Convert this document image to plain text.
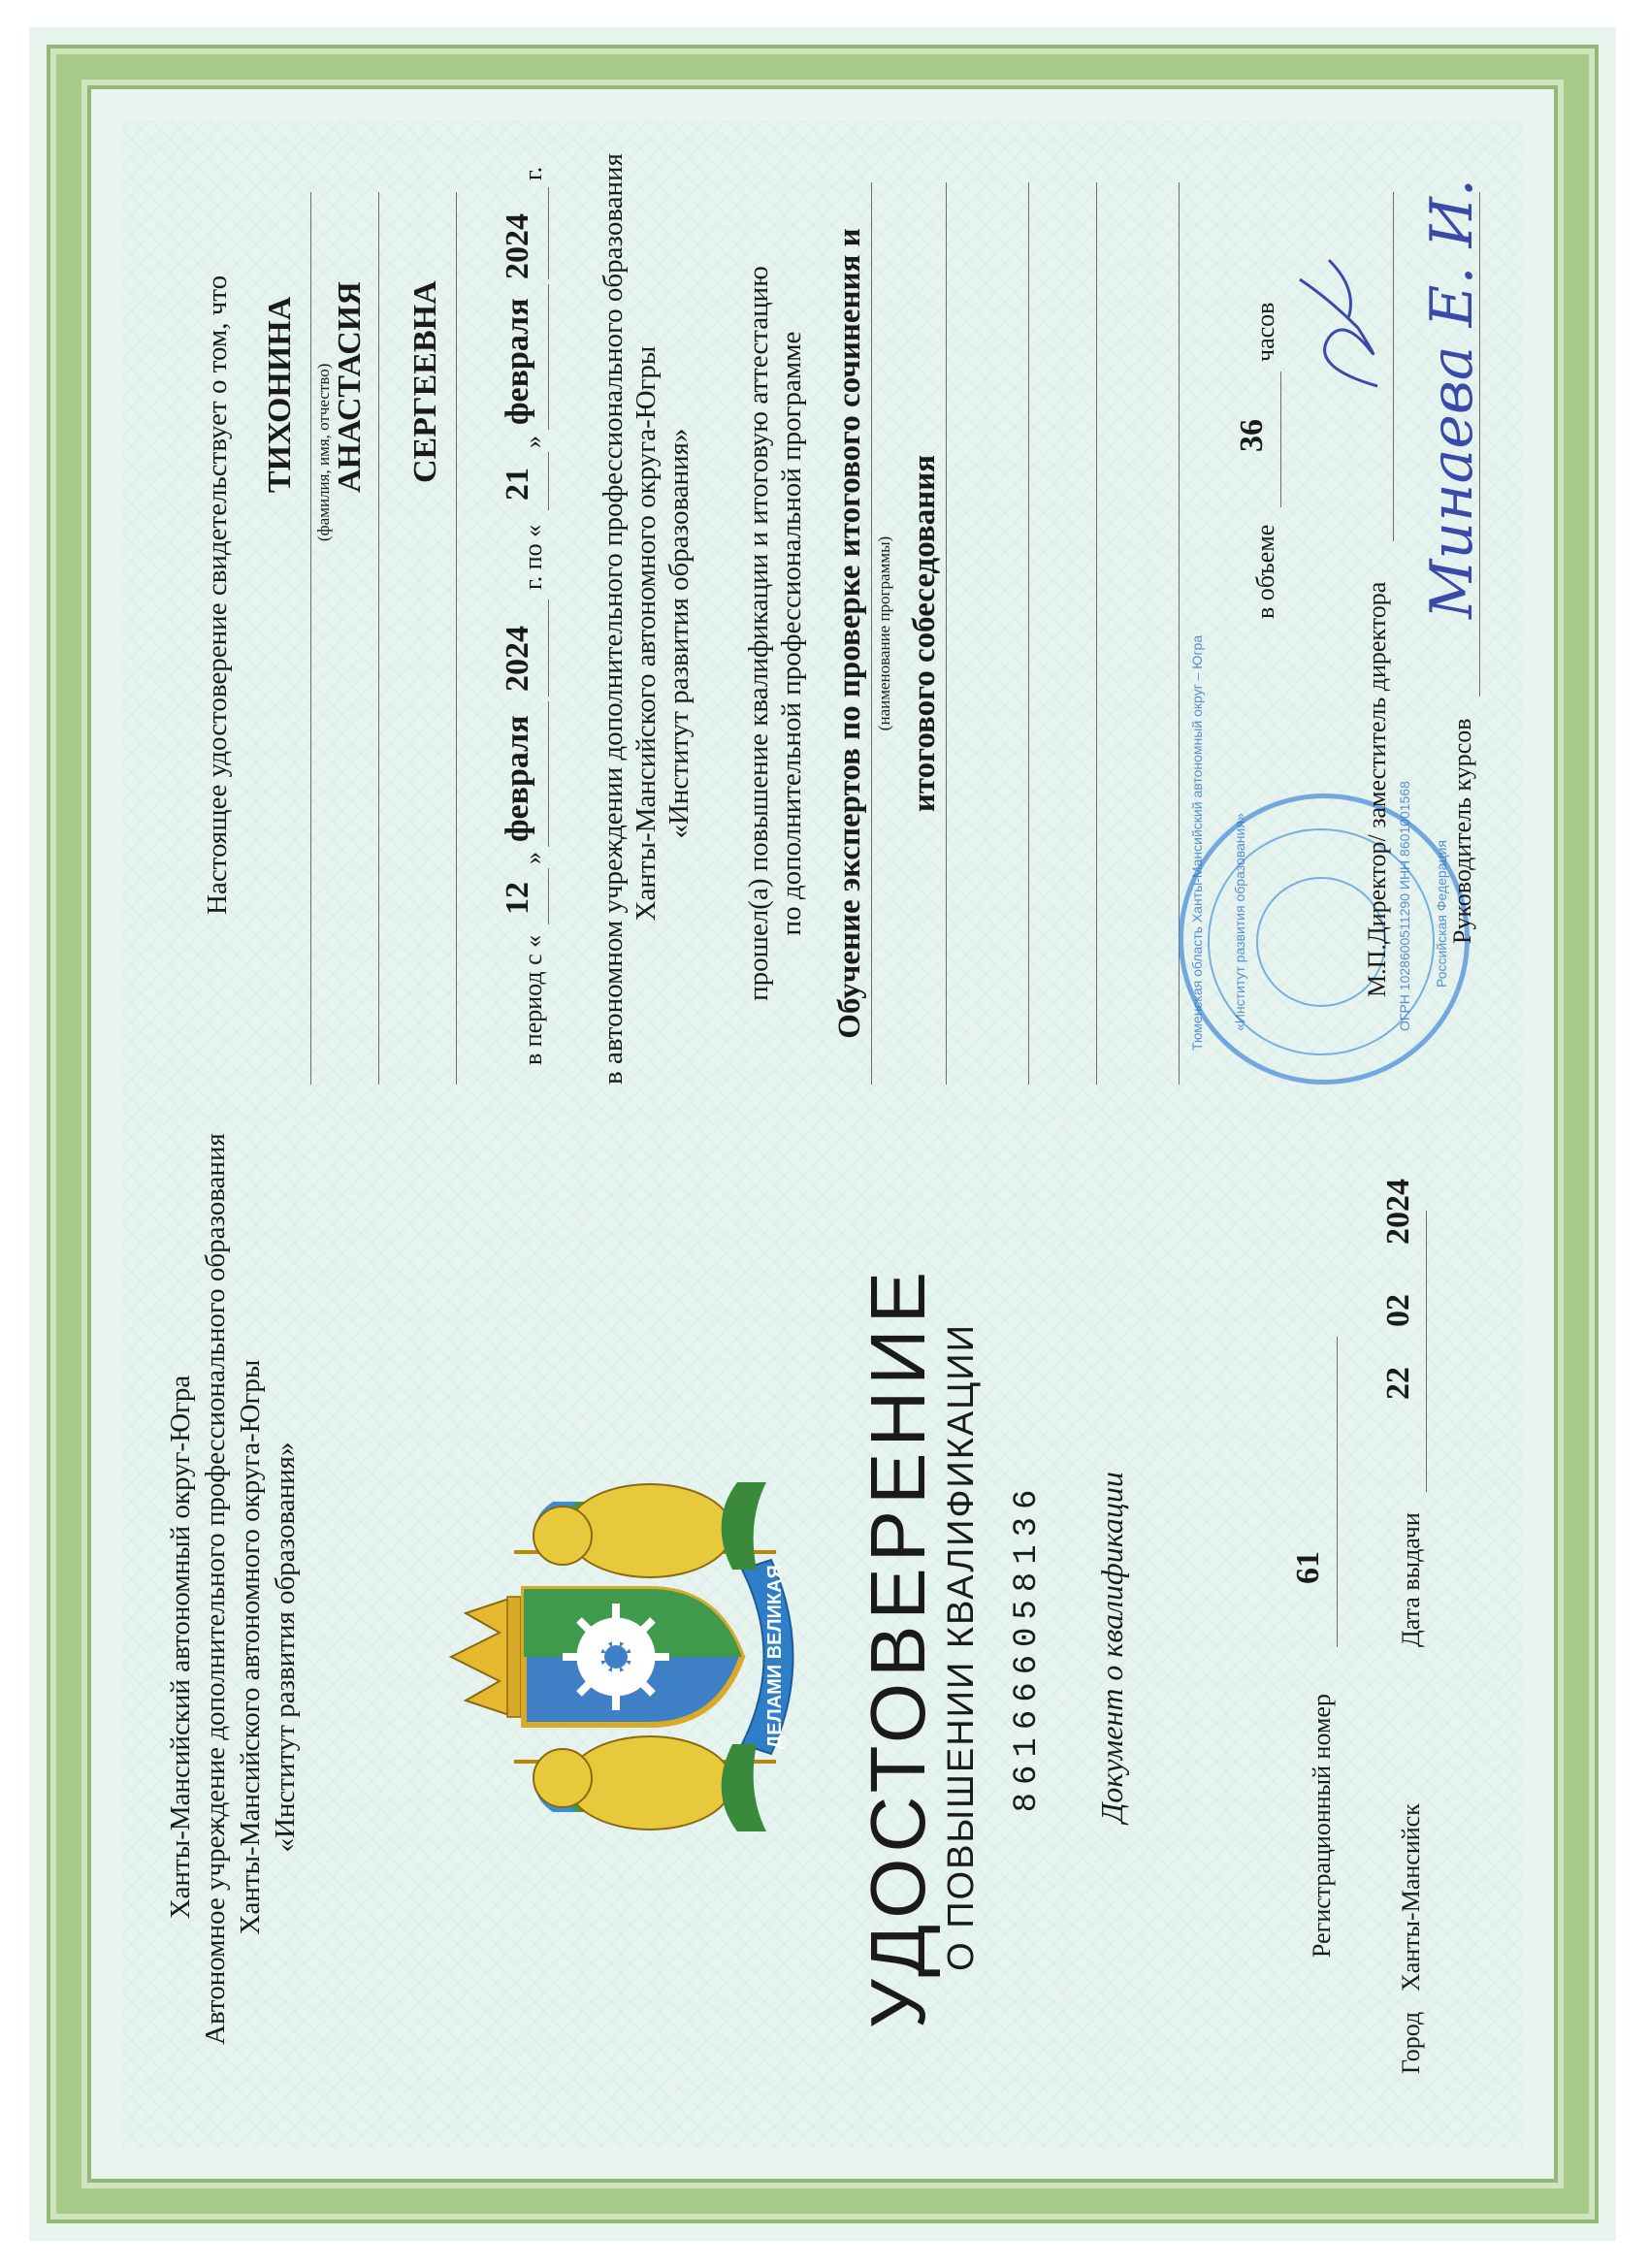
Ханты-Мансийский автономный округ-Югра Автономное учреждение дополнительного профессионального образования Ханты-Мансийского автономного округа-Югры «Институт развития образования»	ДЕЛАМИ ВЕЛИКАЯ УДОСТОВЕРЕНИЕ О ПОВЫШЕНИИ КВАЛИФИКАЦИИ 861666058136 Документ о квалификации
Регистрационный номер
61
Город
Ханты-Мансийск
Дата выдачи
22
02
2024
Настоящее удостоверение свидетельствует о том, что ТИХОНИНА (фамилия, имя, отчество) АНАСТАСИЯ СЕРГЕЕВНА
в период с «
12
»
февраля
2024
г. по «
21
»
февраля
2024
г. в автономном учреждении дополнительного профессионального образования Ханты-Мансийского автономного округа-Югры «Институт развития образования» прошел(а) повышение квалификации и итоговую аттестацию по дополнительной профессиональной программе Обучение экспертов по проверке итогового сочинения и (наименование программы) итогового собеседования	в объеме
36
часов
Тюменская область Ханты-Мансийский автономный округ – Югра «Институт развития образования»	ОГРН 1028600511290 ИНН 8601001568 Российская Федерация
М.П.
Директор/ заместитель директора Руководитель курсов
Минаева Е. И.
